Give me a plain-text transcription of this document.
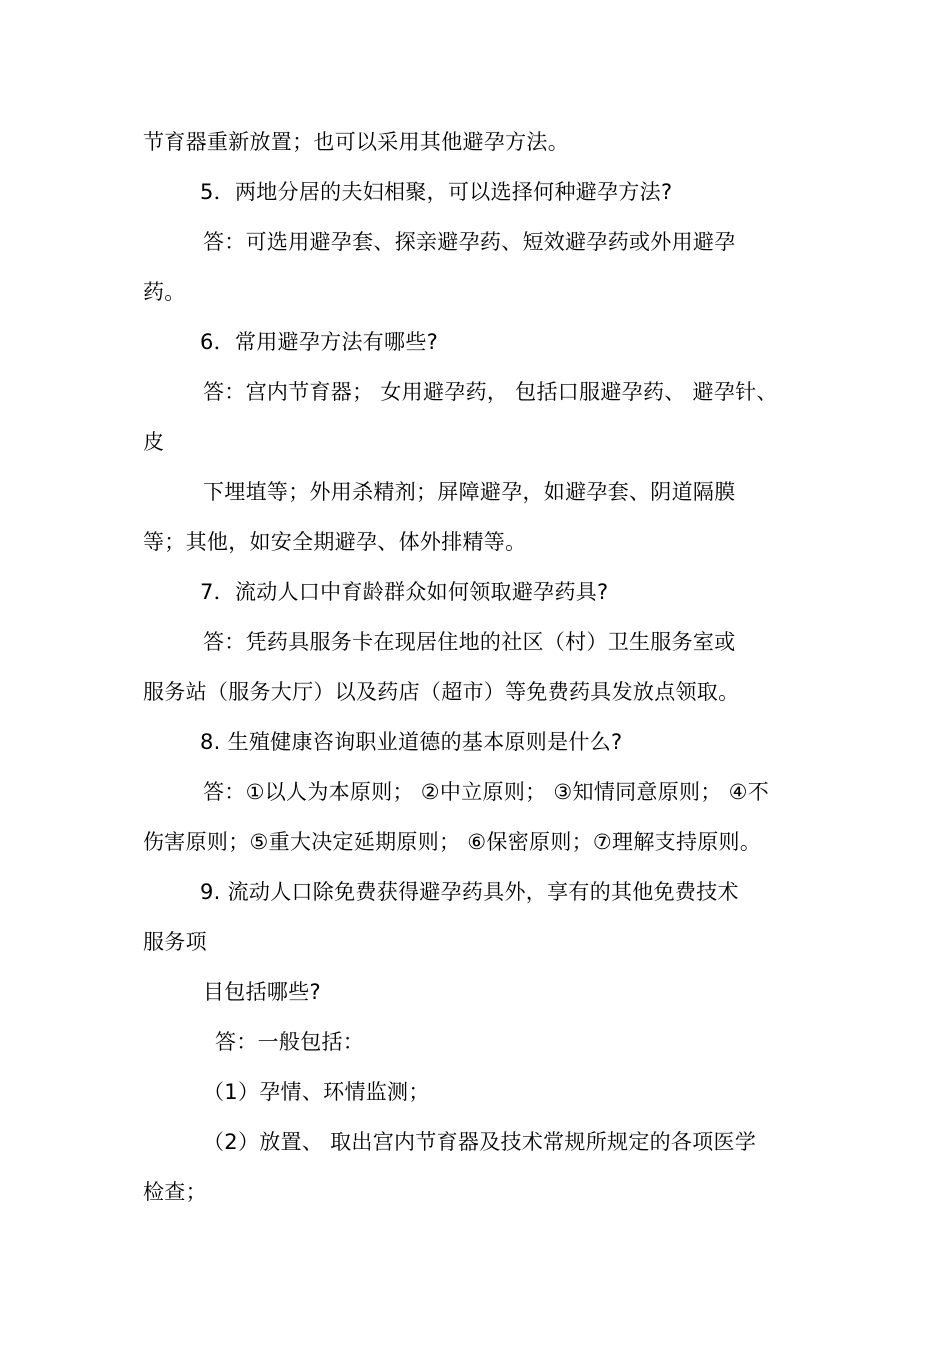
节育器重新放置；也可以采用其他避孕方法。
5．两地分居的夫妇相聚，可以选择何种避孕方法?
答：可选用避孕套、探亲避孕药、短效避孕药或外用避孕
药。
6．常用避孕方法有哪些?
答：宫内节育器； 女用避孕药， 包括口服避孕药、 避孕针、
皮
下埋埴等；外用杀精剂；屏障避孕，如避孕套、阴道隔膜
等；其他，如安全期避孕、体外排精等。
7．流动人口中育龄群众如何领取避孕药具?
答：凭药具服务卡在现居住地的社区（村）卫生服务室或
服务站（服务大厅）以及药店（超市）等免费药具发放点领取。
8. 生殖健康咨询职业道德的基本原则是什么?
答：①以人为本原则； ②中立原则； ③知情同意原则； ④不
伤害原则；⑤重大决定延期原则； ⑥保密原则；⑦理解支持原则。
9. 流动人口除免费获得避孕药具外，享有的其他免费技术
服务项
目包括哪些?
答：一般包括：
（1）孕情、环情监测；
（2）放置、 取出宫内节育器及技术常规所规定的各项医学
检查；
